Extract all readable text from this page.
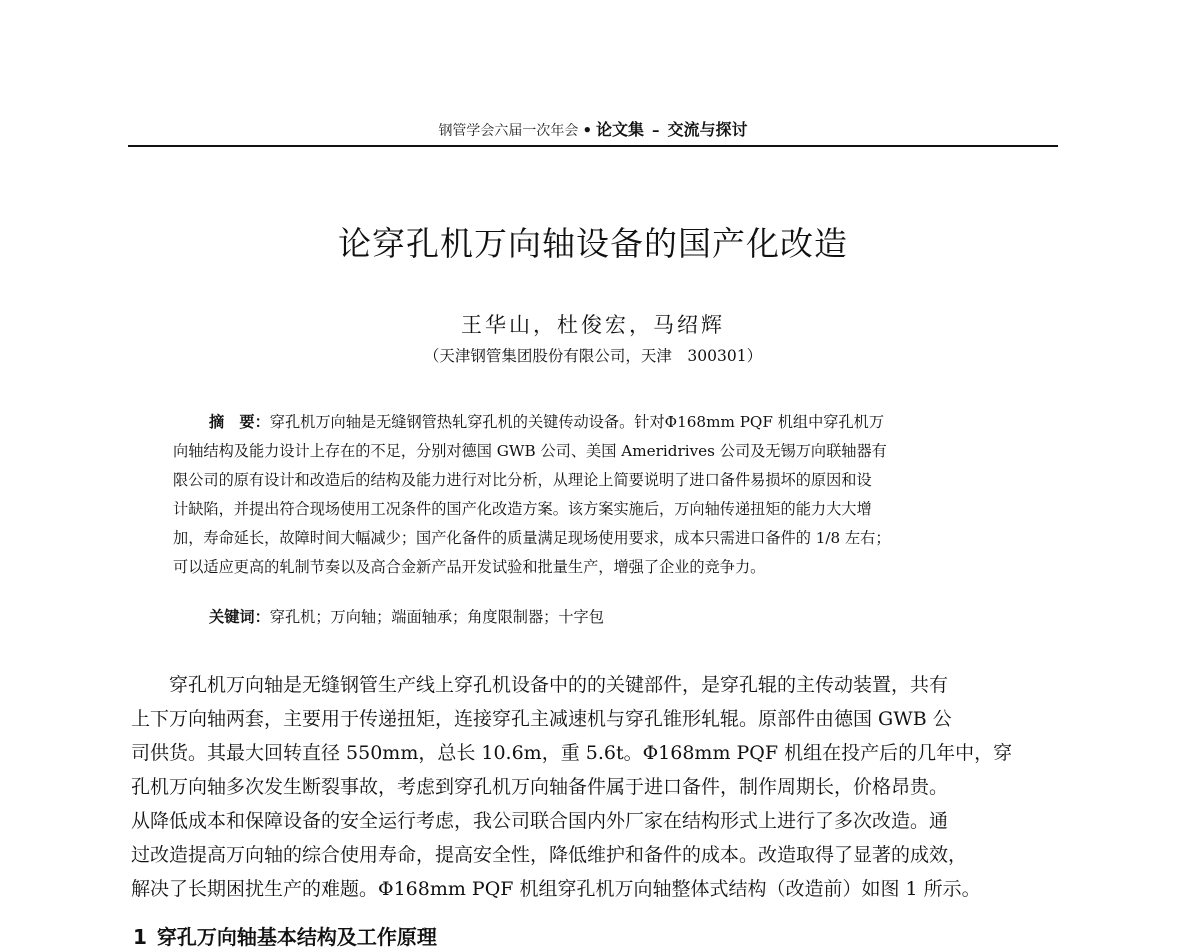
钢管学会六届一次年会 • 论文集 – 交流与探讨
论穿孔机万向轴设备的国产化改造
王华山，杜俊宏，马绍辉
（天津钢管集团股份有限公司，天津　300301）
摘　要：穿孔机万向轴是无缝钢管热轧穿孔机的关键传动设备。针对Φ168mm PQF 机组中穿孔机万
向轴结构及能力设计上存在的不足，分别对德国 GWB 公司、美国 Ameridrives 公司及无锡万向联轴器有
限公司的原有设计和改造后的结构及能力进行对比分析，从理论上简要说明了进口备件易损坏的原因和设
计缺陷，并提出符合现场使用工况条件的国产化改造方案。该方案实施后，万向轴传递扭矩的能力大大增
加，寿命延长，故障时间大幅减少；国产化备件的质量满足现场使用要求，成本只需进口备件的 1/8 左右；
可以适应更高的轧制节奏以及高合金新产品开发试验和批量生产，增强了企业的竞争力。
关键词：穿孔机；万向轴；端面轴承；角度限制器；十字包
穿孔机万向轴是无缝钢管生产线上穿孔机设备中的的关键部件，是穿孔辊的主传动装置，共有
上下万向轴两套，主要用于传递扭矩，连接穿孔主减速机与穿孔锥形轧辊。原部件由德国 GWB 公
司供货。其最大回转直径 550mm，总长 10.6m，重 5.6t。Φ168mm PQF 机组在投产后的几年中，穿
孔机万向轴多次发生断裂事故，考虑到穿孔机万向轴备件属于进口备件，制作周期长，价格昂贵。
从降低成本和保障设备的安全运行考虑，我公司联合国内外厂家在结构形式上进行了多次改造。通
过改造提高万向轴的综合使用寿命，提高安全性，降低维护和备件的成本。改造取得了显著的成效，
解决了长期困扰生产的难题。Φ168mm PQF 机组穿孔机万向轴整体式结构（改造前）如图 1 所示。
1 穿孔万向轴基本结构及工作原理
